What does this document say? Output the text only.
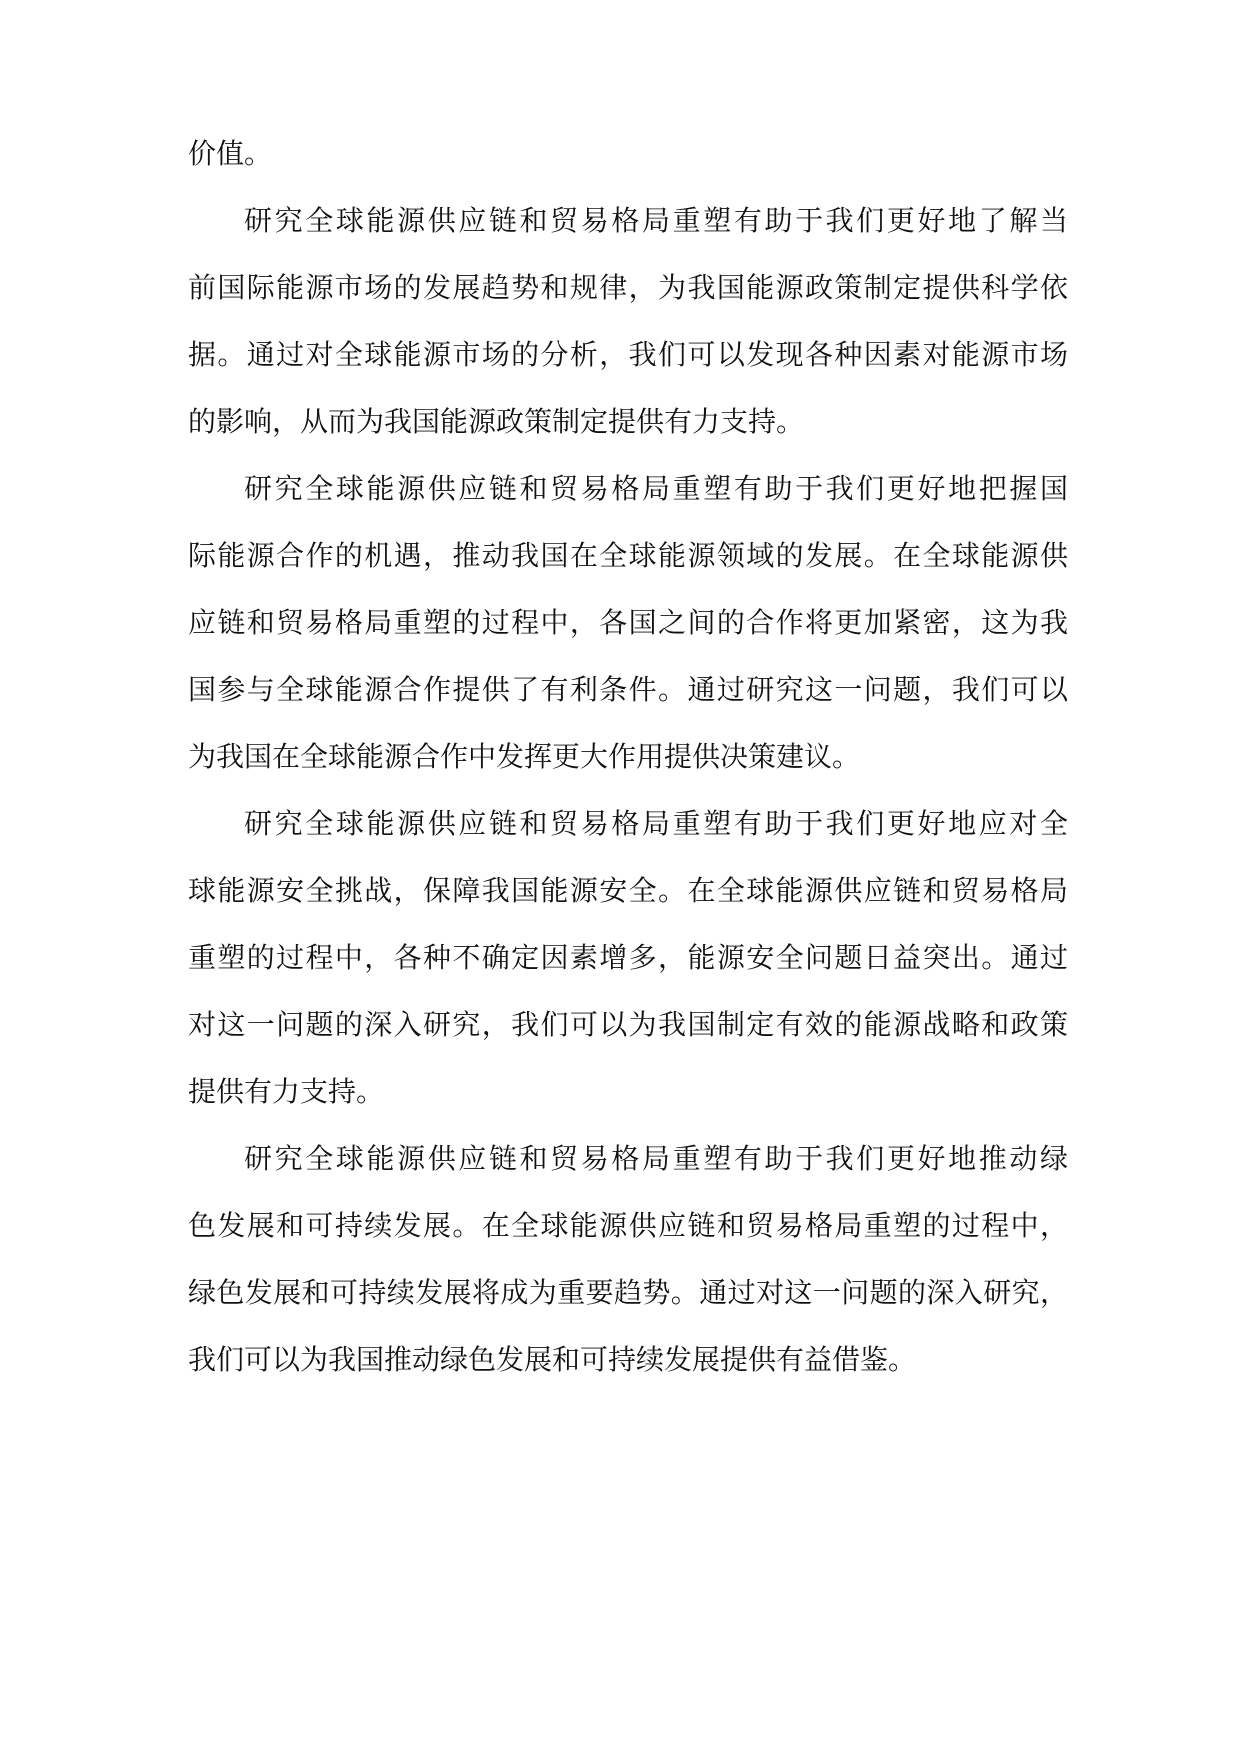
价值。
研究全球能源供应链和贸易格局重塑有助于我们更好地了解当
前国际能源市场的发展趋势和规律，为我国能源政策制定提供科学依
据。通过对全球能源市场的分析，我们可以发现各种因素对能源市场
的影响，从而为我国能源政策制定提供有力支持。
研究全球能源供应链和贸易格局重塑有助于我们更好地把握国
际能源合作的机遇，推动我国在全球能源领域的发展。在全球能源供
应链和贸易格局重塑的过程中，各国之间的合作将更加紧密，这为我
国参与全球能源合作提供了有利条件。通过研究这一问题，我们可以
为我国在全球能源合作中发挥更大作用提供决策建议。
研究全球能源供应链和贸易格局重塑有助于我们更好地应对全
球能源安全挑战，保障我国能源安全。在全球能源供应链和贸易格局
重塑的过程中，各种不确定因素增多，能源安全问题日益突出。通过
对这一问题的深入研究，我们可以为我国制定有效的能源战略和政策
提供有力支持。
研究全球能源供应链和贸易格局重塑有助于我们更好地推动绿
色发展和可持续发展。在全球能源供应链和贸易格局重塑的过程中，
绿色发展和可持续发展将成为重要趋势。通过对这一问题的深入研究，
我们可以为我国推动绿色发展和可持续发展提供有益借鉴。
